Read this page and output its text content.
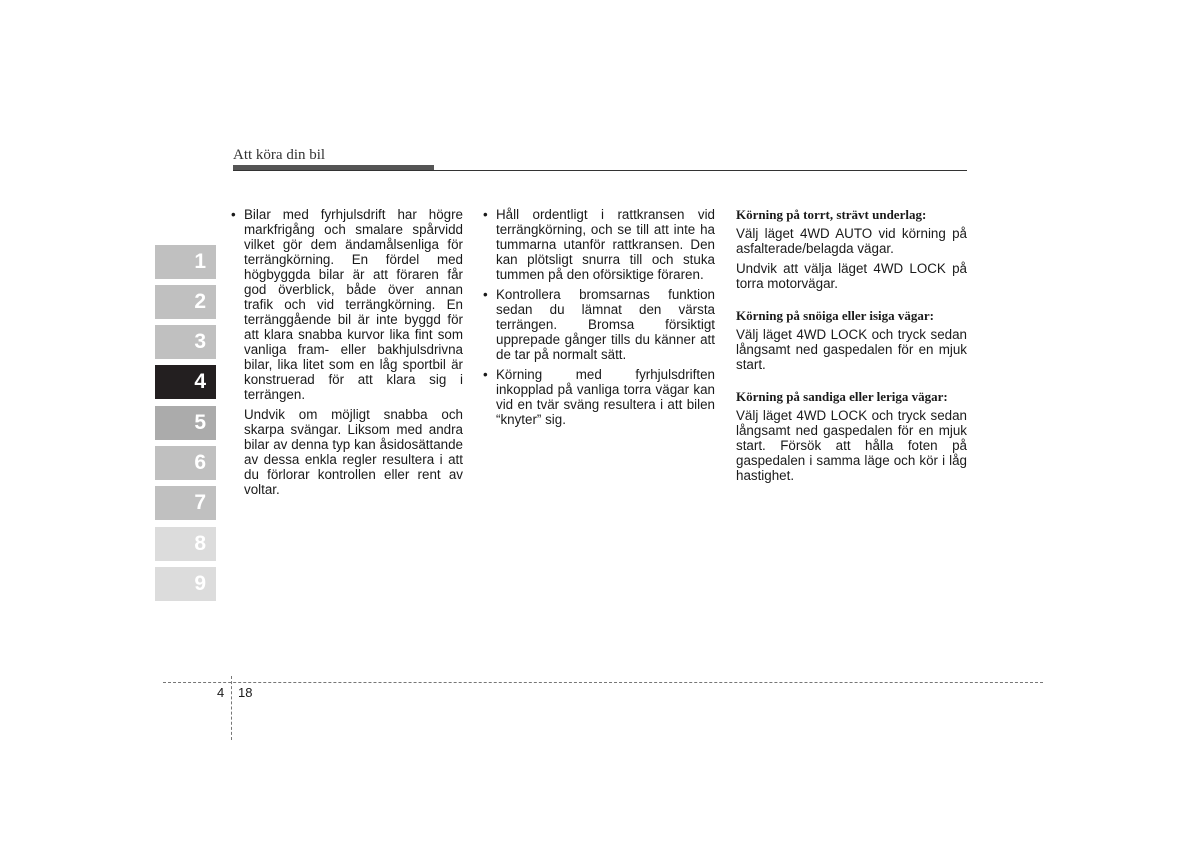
Att köra din bil
1
2
3
4
5
6
7
8
9
• Bilar med fyrhjulsdrift har högre markfrigång och smalare spårvidd vilket gör dem ändamålsenliga för terrängkörning. En fördel med högbyggda bilar är att föraren får god överblick, både över annan trafik och vid terrängkörning. En terränggående bil är inte byggd för att klara snabba kurvor lika fint som vanliga fram- eller bakhjulsdrivna bilar, lika litet som en låg sportbil är konstruerad för att klara sig i terrängen.

Undvik om möjligt snabba och skarpa svängar. Liksom med andra bilar av denna typ kan åsidosättande av dessa enkla regler resultera i att du förlorar kontrollen eller rent av voltar.

• Håll ordentligt i rattkransen vid terrängkörning, och se till att inte ha tummarna utanför rattkransen. Den kan plötsligt snurra till och stuka tummen på den oförsiktige föraren.
• Kontrollera bromsarnas funktion sedan du lämnat den värsta terrängen. Bromsa försiktigt upprepade gånger tills du känner att de tar på normalt sätt.
• Körning med fyrhjulsdriften inkopplad på vanliga torra vägar kan vid en tvär sväng resultera i att bilen “knyter” sig.
Körning på torrt, strävt underlag:

Välj läget 4WD AUTO vid körning på asfalterade/belagda vägar.

Undvik att välja läget 4WD LOCK på torra motorvägar.

Körning på snöiga eller isiga vägar:

Välj läget 4WD LOCK och tryck sedan långsamt ned gaspedalen för en mjuk start.

Körning på sandiga eller leriga vägar:

Välj läget 4WD LOCK och tryck sedan långsamt ned gaspedalen för en mjuk start. Försök att hålla foten på gaspedalen i samma läge och kör i låg hastighet.

4 18
